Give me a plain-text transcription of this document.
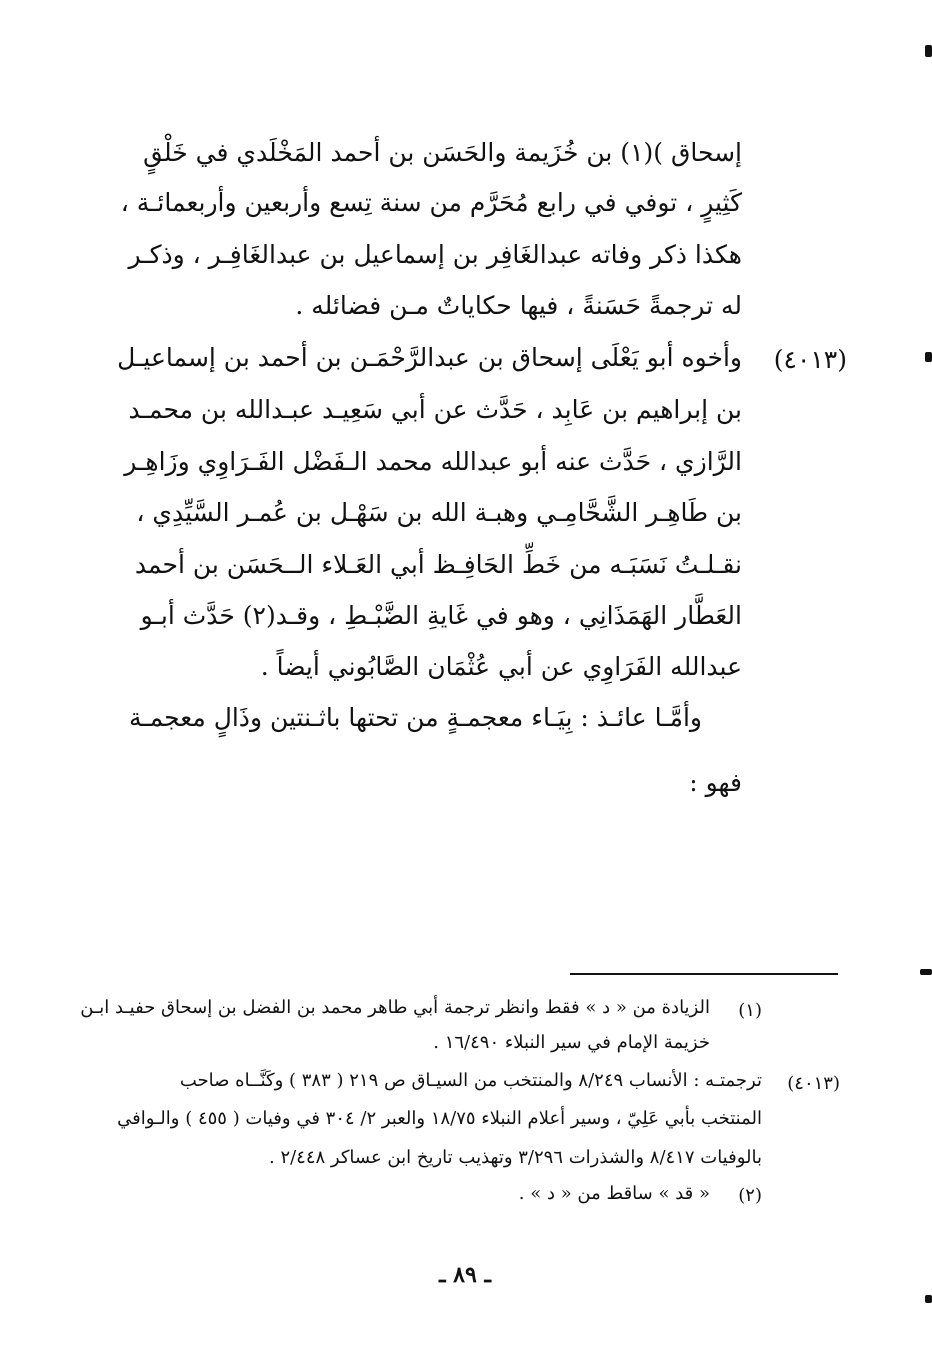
إسحاق )(١) بن خُزَيمة والحَسَن بن أحمد المَخْلَدي في خَلْقٍ
كَثِيرٍ ، توفي في رابع مُحَرَّم من سنة تِسع وأربعين وأربعمائـة ،
هكذا ذكر وفاته عبدالغَافِر بن إسماعيل بن عبدالغَافِـر ، وذكـر
له ترجمةً حَسَنةً ، فيها حكاياتٌ مـن فضائله .
(٤٠١٣)
وأخوه أبو يَعْلَى إسحاق بن عبدالرَّحْمَـن بن أحمد بن إسماعيـل
بن إبراهيم بن عَابِد ، حَدَّث عن أبي سَعِيـد عبـدالله بن محمـد
الرَّازي ، حَدَّث عنه أبو عبدالله محمد الـفَضْل الفَـرَاوِي وزَاهِـر
بن طَاهِـر الشَّحَّامِـي وهبـة الله بن سَهْـل بن عُمـر السَّيِّدِي ،
نقـلـتُ نَسَبَـه من خَطِّ الحَافِـظ أبي العَـلاء الــحَسَن بن أحمد
العَطَّار الهَمَذَانِي ، وهو في غَايةِ الضَّبْـطِ ، وقـد(٢) حَدَّث أبـو
عبدالله الفَرَاوِي عن أبي عُثْمَان الصَّابُوني أيضاً .
وأمَّـا عائـذ : بِيَـاء معجمـةٍ من تحتها باثـنتين وذَالٍ معجمـة
فهو :
(١)
الزيادة من « د » فقط وانظر ترجمة أبي طاهر محمد بن الفضل بن إسحاق حفيـد ابـن
خزيمة الإمام في سير النبلاء ١٦/٤٩٠ .
(٤٠١٣)
ترجمتـه : الأنساب ٨/٢٤٩ والمنتخب من السيـاق ص ٢١٩ ( ٣٨٣ ) وكَنَّــاه صاحب
المنتخب بأبي عَلِيّ ، وسير أعلام النبلاء ١٨/٧٥ والعبر ٢/ ٣٠٤ في وفيات ( ٤٥٥ ) والـوافي
بالوفيات ٨/٤١٧ والشذرات ٣/٢٩٦ وتهذيب تاريخ ابن عساكر ٢/٤٤٨ .
(٢)
« قد » ساقط من « د » .
ـ ٨٩ ـ
